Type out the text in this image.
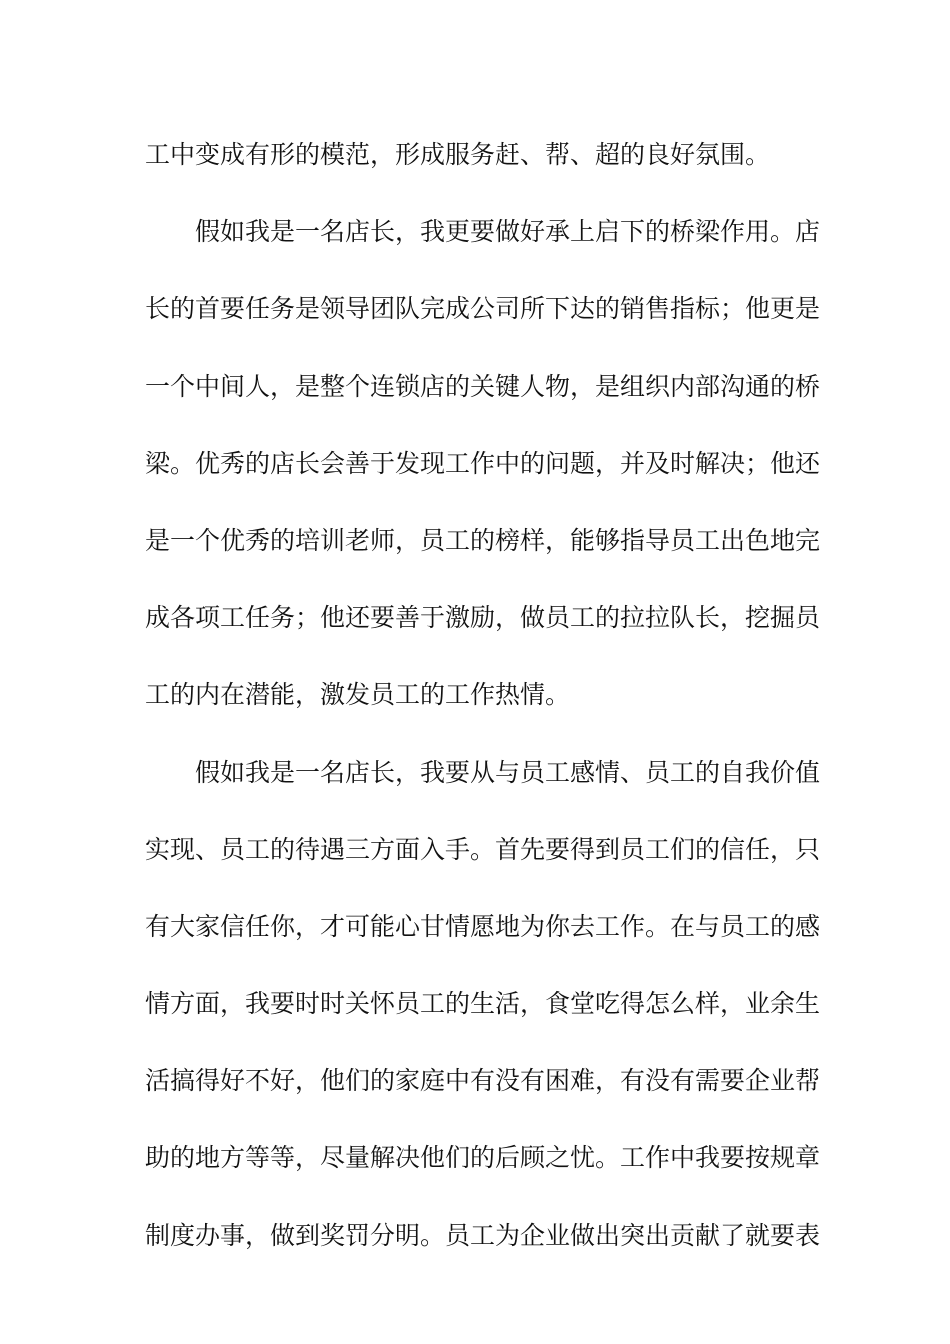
工中变成有形的模范，形成服务赶、帮、超的良好氛围。
假如我是一名店长，我更要做好承上启下的桥梁作用。店
长的首要任务是领导团队完成公司所下达的销售指标；他更是
一个中间人，是整个连锁店的关键人物，是组织内部沟通的桥
梁。优秀的店长会善于发现工作中的问题，并及时解决；他还
是一个优秀的培训老师，员工的榜样，能够指导员工出色地完
成各项工任务；他还要善于激励，做员工的拉拉队长，挖掘员
工的内在潜能，激发员工的工作热情。
假如我是一名店长，我要从与员工感情、员工的自我价值
实现、员工的待遇三方面入手。首先要得到员工们的信任，只
有大家信任你，才可能心甘情愿地为你去工作。在与员工的感
情方面，我要时时关怀员工的生活，食堂吃得怎么样，业余生
活搞得好不好，他们的家庭中有没有困难，有没有需要企业帮
助的地方等等，尽量解决他们的后顾之忧。工作中我要按规章
制度办事，做到奖罚分明。员工为企业做出突出贡献了就要表
